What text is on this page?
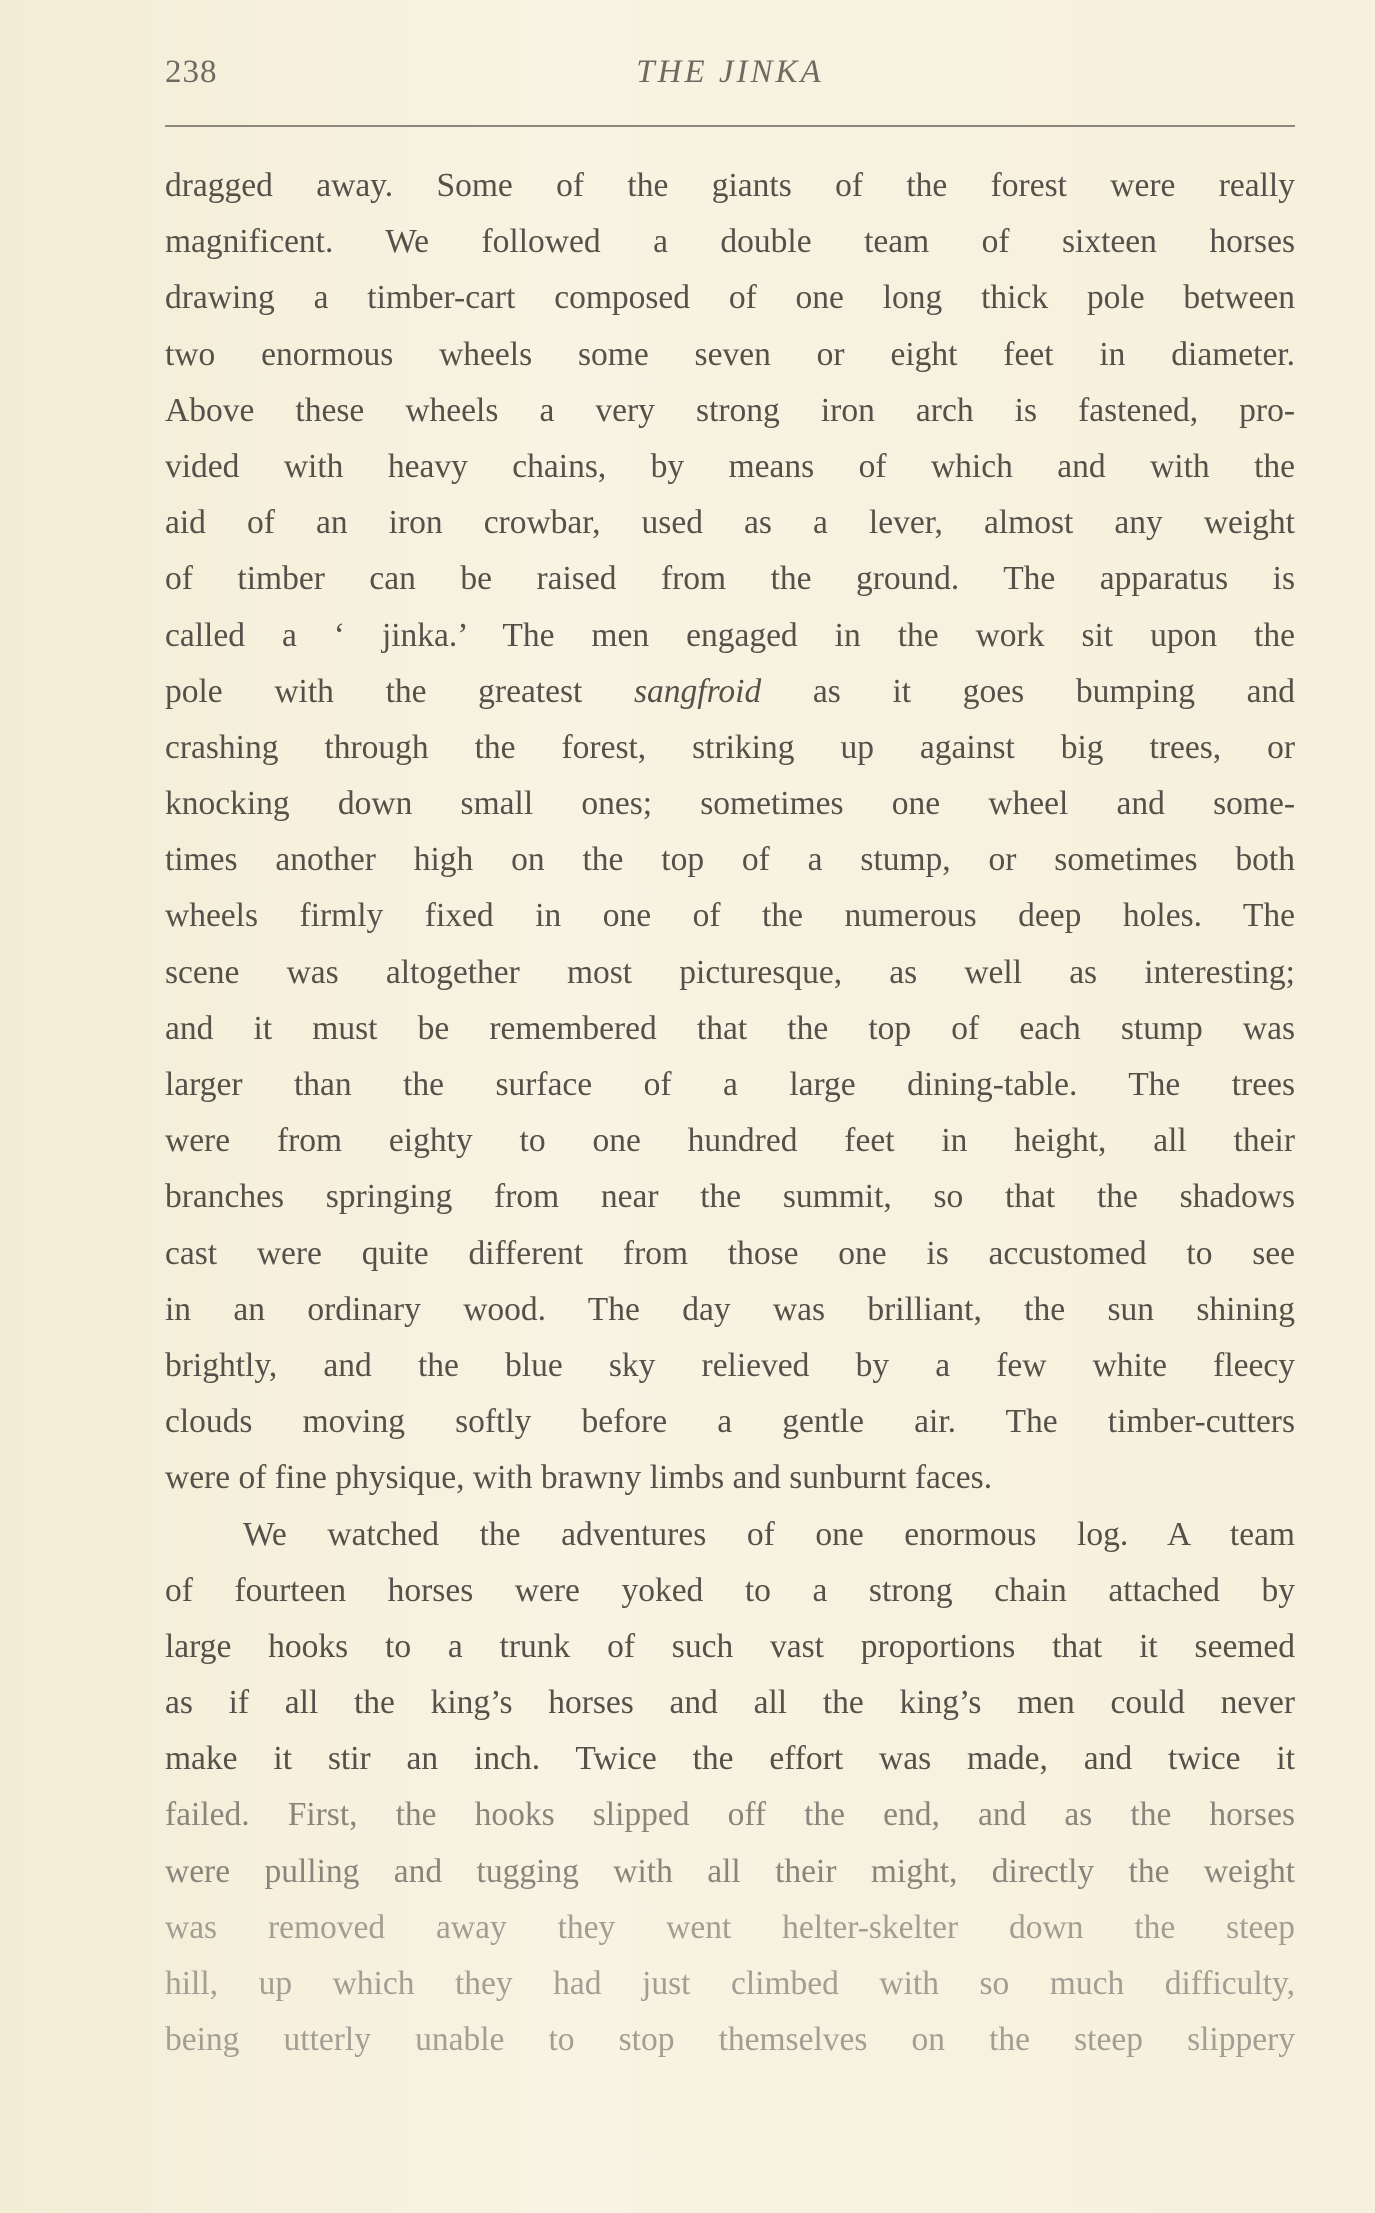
238	THE JINKA
dragged away. Some of the giants of the forest were really
magnificent. We followed a double team of sixteen horses
drawing a timber-cart composed of one long thick pole between
two enormous wheels some seven or eight feet in diameter.
Above these wheels a very strong iron arch is fastened, pro-
vided with heavy chains, by means of which and with the
aid of an iron crowbar, used as a lever, almost any weight
of timber can be raised from the ground. The apparatus is
called a ‘ jinka.’ The men engaged in the work sit upon the
pole with the greatest sangfroid as it goes bumping and
crashing through the forest, striking up against big trees, or
knocking down small ones; sometimes one wheel and some-
times another high on the top of a stump, or sometimes both
wheels firmly fixed in one of the numerous deep holes. The
scene was altogether most picturesque, as well as interesting;
and it must be remembered that the top of each stump was
larger than the surface of a large dining-table. The trees
were from eighty to one hundred feet in height, all their
branches springing from near the summit, so that the shadows
cast were quite different from those one is accustomed to see
in an ordinary wood. The day was brilliant, the sun shining
brightly, and the blue sky relieved by a few white fleecy
clouds moving softly before a gentle air. The timber-cutters
were of fine physique, with brawny limbs and sunburnt faces.
We watched the adventures of one enormous log. A team
of fourteen horses were yoked to a strong chain attached by
large hooks to a trunk of such vast proportions that it seemed
as if all the king’s horses and all the king’s men could never
make it stir an inch. Twice the effort was made, and twice it
failed. First, the hooks slipped off the end, and as the horses
were pulling and tugging with all their might, directly the weight
was removed away they went helter-skelter down the steep
hill, up which they had just climbed with so much difficulty,
being utterly unable to stop themselves on the steep slippery
